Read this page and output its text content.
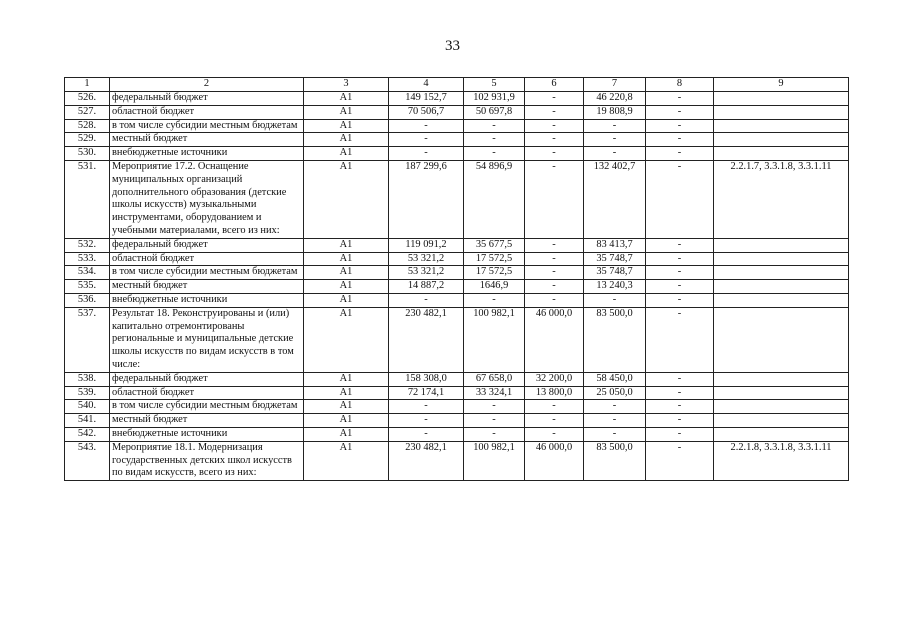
33
1	2	3	4	5	6	7	8	9
526.	федеральный бюджет	A1	149 152,7	102 931,9	-	46 220,8	-	
527.	областной бюджет	A1	70 506,7	50 697,8	-	19 808,9	-	
528.	в том числе субсидии местным бюджетам	A1	-	-	-	-	-	
529.	местный бюджет	A1	-	-	-	-	-	
530.	внебюджетные источники	A1	-	-	-	-	-	
531.	Мероприятие 17.2. Оснащение муниципальных организаций дополнительного образования (детские школы искусств) музыкальными инструментами, оборудованием и учебными материалами, всего из них:	A1	187 299,6	54 896,9	-	132 402,7	-	2.2.1.7, 3.3.1.8, 3.3.1.11
532.	федеральный бюджет	A1	119 091,2	35 677,5	-	83 413,7	-	
533.	областной бюджет	A1	53 321,2	17 572,5	-	35 748,7	-	
534.	в том числе субсидии местным бюджетам	A1	53 321,2	17 572,5	-	35 748,7	-	
535.	местный бюджет	A1	14 887,2	1646,9	-	13 240,3	-	
536.	внебюджетные источники	A1	-	-	-	-	-	
537.	Результат 18. Реконструированы и (или) капитально отремонтированы региональные и муниципальные детские школы искусств по видам искусств в том числе:	A1	230 482,1	100 982,1	46 000,0	83 500,0	-	
538.	федеральный бюджет	A1	158 308,0	67 658,0	32 200,0	58 450,0	-	
539.	областной бюджет	A1	72 174,1	33 324,1	13 800,0	25 050,0	-	
540.	в том числе субсидии местным бюджетам	A1	-	-	-	-	-	
541.	местный бюджет	A1	-	-	-	-	-	
542.	внебюджетные источники	A1	-	-	-	-	-	
543.	Мероприятие 18.1. Модернизация государственных детских школ искусств по видам искусств, всего из них:	A1	230 482,1	100 982,1	46 000,0	83 500,0	-	2.2.1.8, 3.3.1.8, 3.3.1.11
